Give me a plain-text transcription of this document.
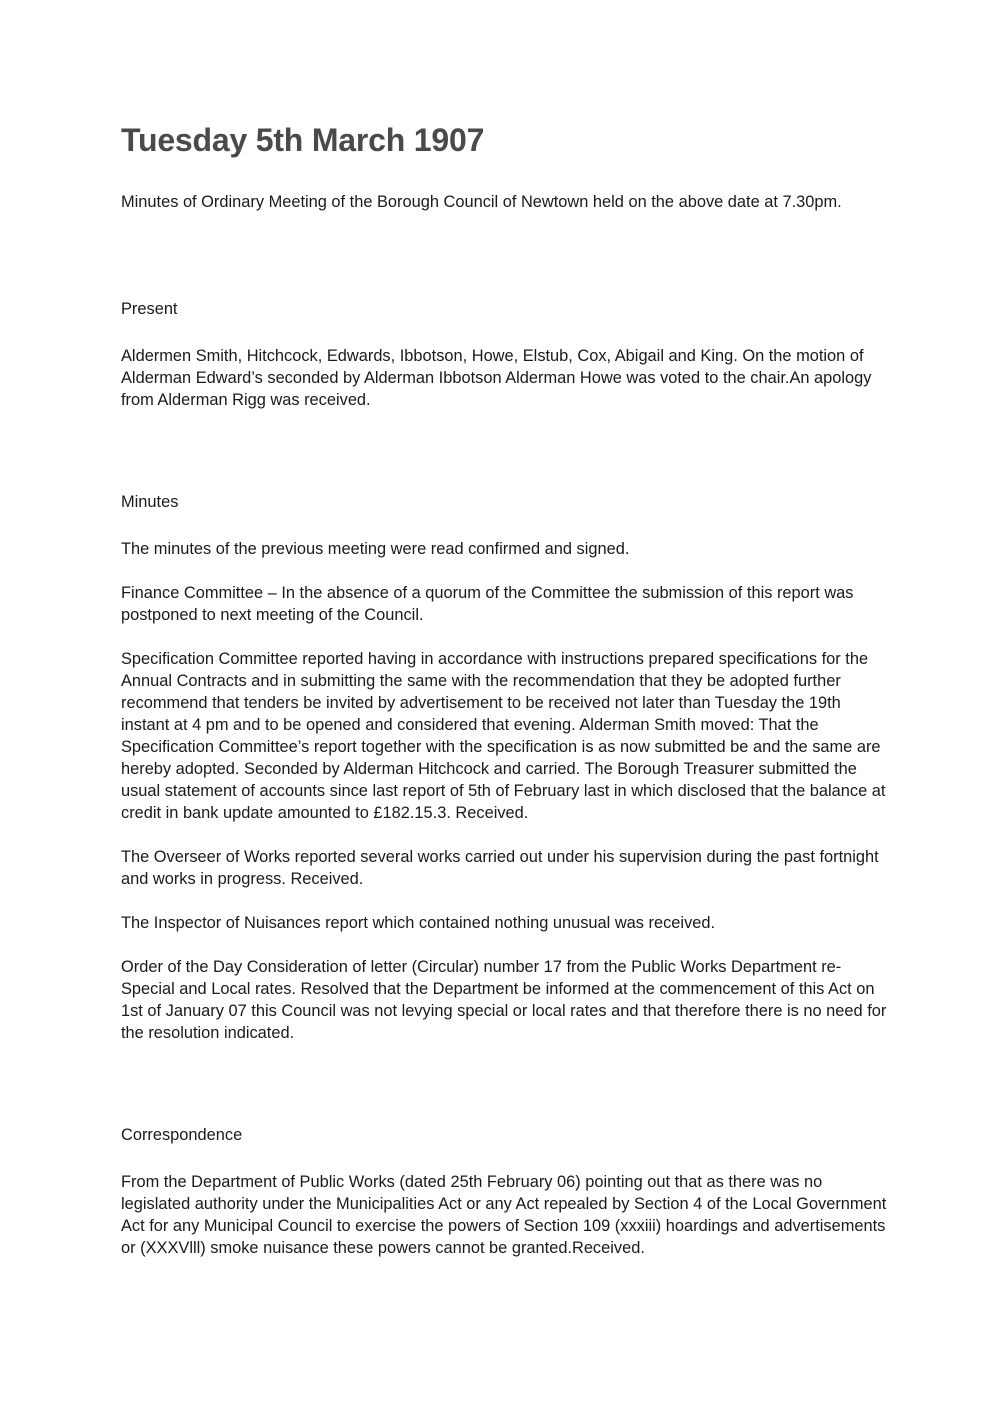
Tuesday 5th March 1907

Minutes of Ordinary Meeting of the Borough Council of Newtown held on the above date at 7.30pm.

Present

Aldermen Smith, Hitchcock, Edwards, Ibbotson, Howe, Elstub, Cox, Abigail and King. On the motion of Alderman Edward’s seconded by Alderman Ibbotson Alderman Howe was voted to the chair.An apology from Alderman Rigg was received.

Minutes

The minutes of the previous meeting were read confirmed and signed.

Finance Committee – In the absence of a quorum of the Committee the submission of this report was postponed to next meeting of the Council.

Specification Committee reported having in accordance with instructions prepared specifications for the Annual Contracts and in submitting the same with the recommendation that they be adopted further recommend that tenders be invited by advertisement to be received not later than Tuesday the 19th instant at 4 pm and to be opened and considered that evening. Alderman Smith moved: That the Specification Committee’s report together with the specification is as now submitted be and the same are hereby adopted. Seconded by Alderman Hitchcock and carried. The Borough Treasurer submitted the usual statement of accounts since last report of 5th of February last in which disclosed that the balance at credit in bank update amounted to £182.15.3. Received.

The Overseer of Works reported several works carried out under his supervision during the past fortnight and works in progress. Received.

The Inspector of Nuisances report which contained nothing unusual was received.

Order of the Day Consideration of letter (Circular) number 17 from the Public Works Department re-Special and Local rates. Resolved that the Department be informed at the commencement of this Act on 1st of January 07 this Council was not levying special or local rates and that therefore there is no need for the resolution indicated.

Correspondence

From the Department of Public Works (dated 25th February 06) pointing out that as there was no legislated authority under the Municipalities Act or any Act repealed by Section 4 of the Local Government Act for any Municipal Council to exercise the powers of Section 109 (xxxiii) hoardings and advertisements or (XXXVlll) smoke nuisance these powers cannot be granted.Received.
